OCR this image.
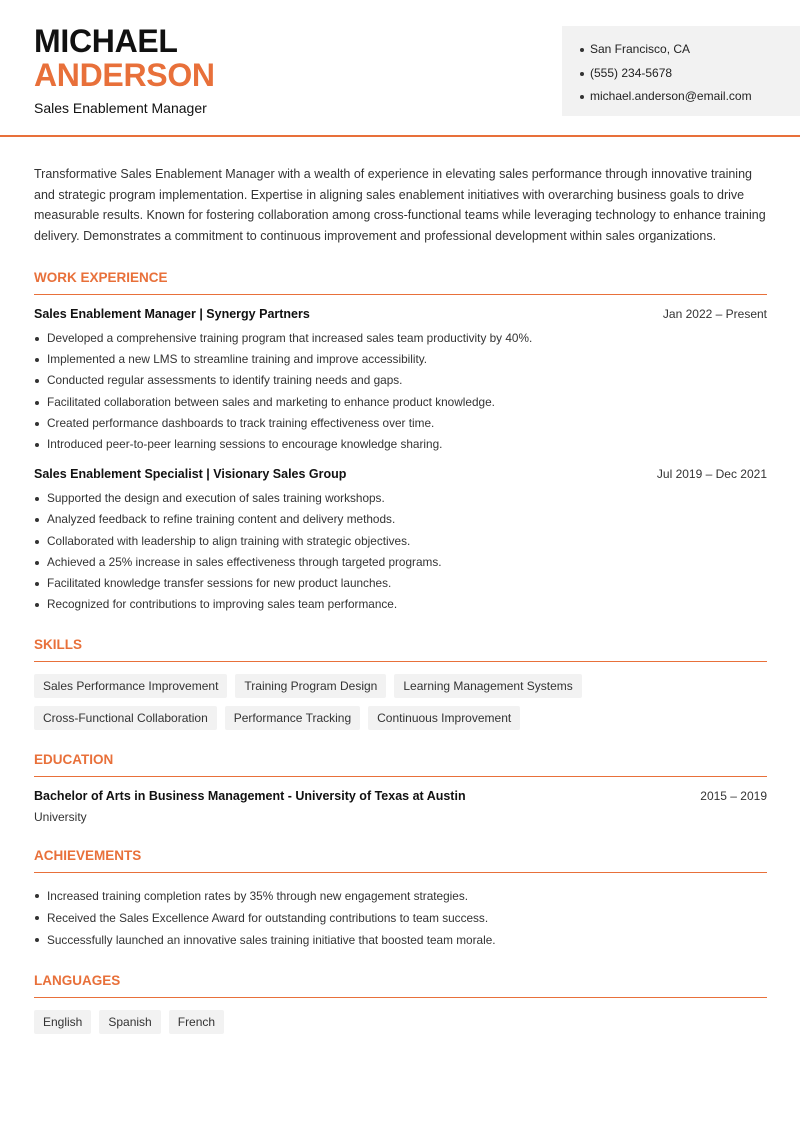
MICHAEL
ANDERSON
Sales Enablement Manager
San Francisco, CA
(555) 234-5678
michael.anderson@email.com

Transformative Sales Enablement Manager with a wealth of experience in elevating sales performance through innovative training and strategic program implementation. Expertise in aligning sales enablement initiatives with overarching business goals to drive measurable results. Known for fostering collaboration among cross-functional teams while leveraging technology to enhance training delivery. Demonstrates a commitment to continuous improvement and professional development within sales organizations.

WORK EXPERIENCE
Sales Enablement Manager | Synergy Partners	Jan 2022 – Present
Developed a comprehensive training program that increased sales team productivity by 40%.
Implemented a new LMS to streamline training and improve accessibility.
Conducted regular assessments to identify training needs and gaps.
Facilitated collaboration between sales and marketing to enhance product knowledge.
Created performance dashboards to track training effectiveness over time.
Introduced peer-to-peer learning sessions to encourage knowledge sharing.
Sales Enablement Specialist | Visionary Sales Group	Jul 2019 – Dec 2021
Supported the design and execution of sales training workshops.
Analyzed feedback to refine training content and delivery methods.
Collaborated with leadership to align training with strategic objectives.
Achieved a 25% increase in sales effectiveness through targeted programs.
Facilitated knowledge transfer sessions for new product launches.
Recognized for contributions to improving sales team performance.
SKILLS
Sales Performance Improvement	Training Program Design	Learning Management Systems
Cross-Functional Collaboration	Performance Tracking	Continuous Improvement
EDUCATION
Bachelor of Arts in Business Management - University of Texas at Austin	2015 – 2019
University
ACHIEVEMENTS
Increased training completion rates by 35% through new engagement strategies.
Received the Sales Excellence Award for outstanding contributions to team success.
Successfully launched an innovative sales training initiative that boosted team morale.
LANGUAGES
English	Spanish	French
